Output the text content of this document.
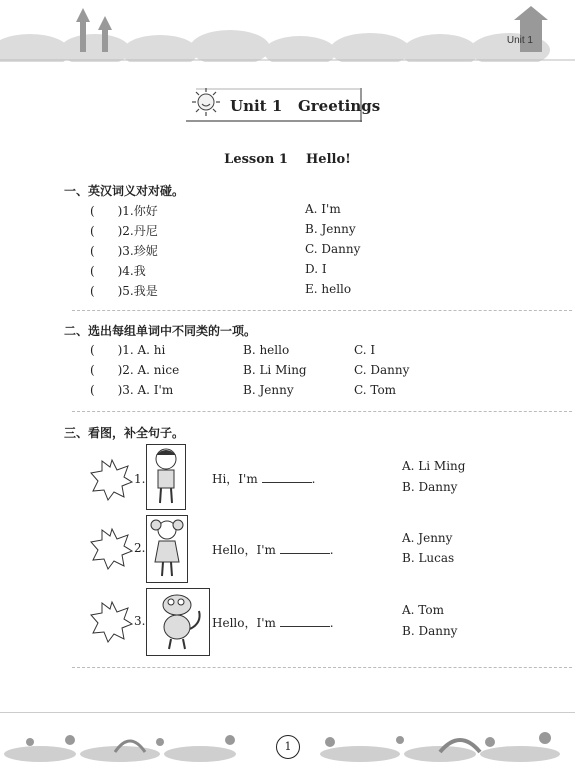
Unit 1
Unit 1 Greetings
Lesson 1    Hello!
一、英汉词义对对碰。
(      )1.你好	A. I'm
(      )2.丹尼	B. Jenny
(      )3.珍妮	C. Danny
(      )4.我	D. I
(      )5.我是	E. hello
二、选出每组单词中不同类的一项。
(      )1. A. hi	B. hello	C. I
(      )2. A. nice	B. Li Ming	C. Danny
(      )3. A. I'm	B. Jenny	C. Tom
三、看图，补全句子。
1.	Hi，I'm	.
A. Li Ming
B. Danny
2.	Hello，I'm	.
A. Jenny
B. Lucas
3.	Hello，I'm	.
A. Tom
B. Danny
1
